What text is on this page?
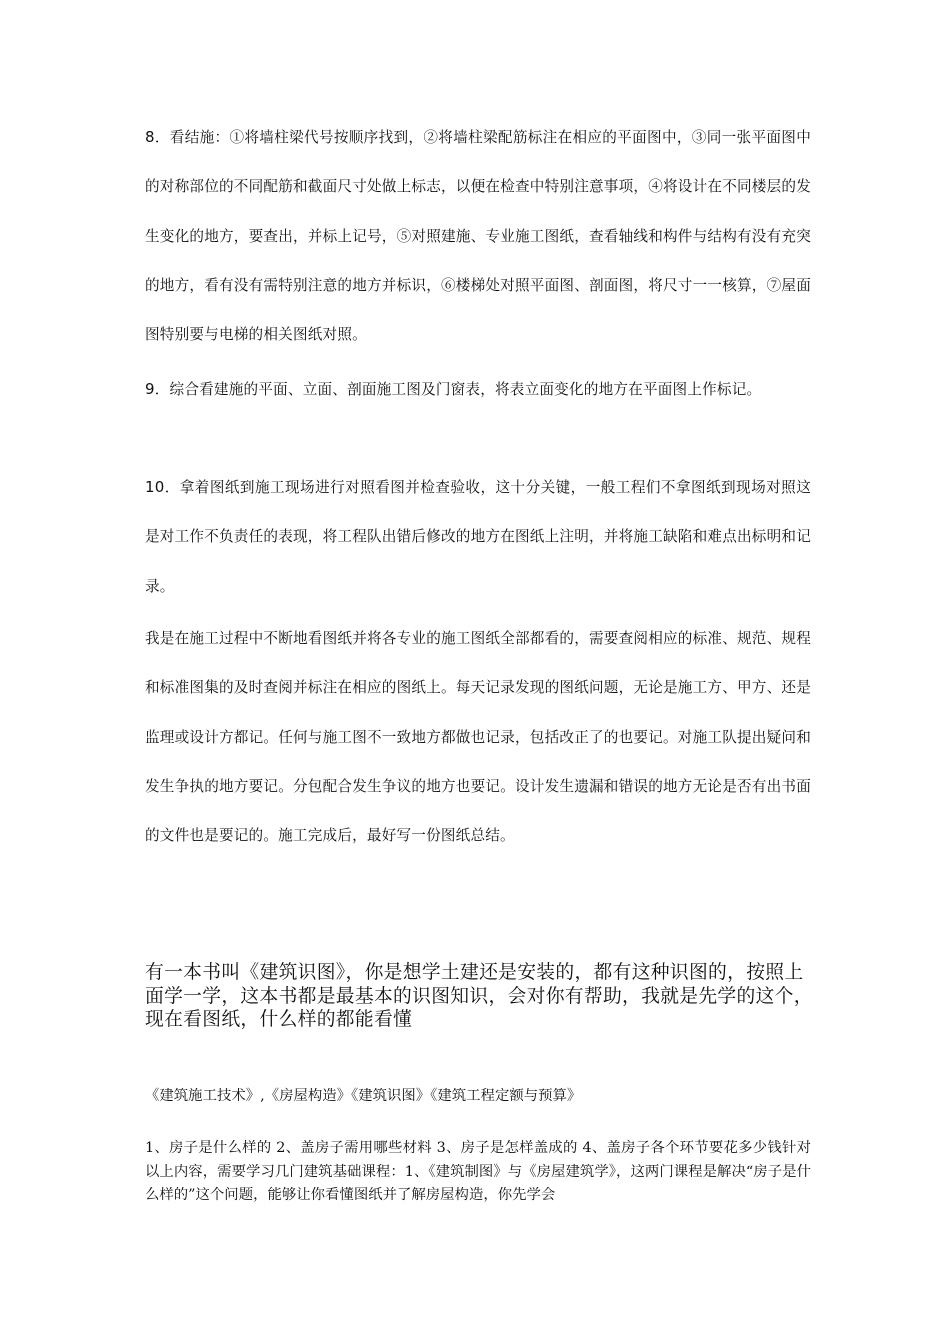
8．看结施：①将墙柱梁代号按顺序找到，②将墙柱梁配筋标注在相应的平面图中，③同一张平面图中的对称部位的不同配筋和截面尺寸处做上标志，以便在检查中特别注意事项，④将设计在不同楼层的发生变化的地方，要查出，并标上记号，⑤对照建施、专业施工图纸，查看轴线和构件与结构有没有充突的地方，看有没有需特别注意的地方并标识，⑥楼梯处对照平面图、剖面图，将尺寸一一核算，⑦屋面图特别要与电梯的相关图纸对照。

9．综合看建施的平面、立面、剖面施工图及门窗表，将表立面变化的地方在平面图上作标记。

10．拿着图纸到施工现场进行对照看图并检查验收，这十分关键，一般工程们不拿图纸到现场对照这是对工作不负责任的表现，将工程队出错后修改的地方在图纸上注明，并将施工缺陷和难点出标明和记录。

我是在施工过程中不断地看图纸并将各专业的施工图纸全部都看的，需要查阅相应的标准、规范、规程和标准图集的及时查阅并标注在相应的图纸上。每天记录发现的图纸问题，无论是施工方、甲方、还是监理或设计方都记。任何与施工图不一致地方都做也记录，包括改正了的也要记。对施工队提出疑问和发生争执的地方要记。分包配合发生争议的地方也要记。设计发生遗漏和错误的地方无论是否有出书面的文件也是要记的。施工完成后，最好写一份图纸总结。

有一本书叫《建筑识图》，你是想学土建还是安装的，都有这种识图的，按照上面学一学，这本书都是最基本的识图知识，会对你有帮助，我就是先学的这个，现在看图纸，什么样的都能看懂

《建筑施工技术》,《房屋构造》《建筑识图》《建筑工程定额与预算》

1、房子是什么样的 2、盖房子需用哪些材料 3、房子是怎样盖成的 4、盖房子各个环节要花多少钱针对以上内容，需要学习几门建筑基础课程：1、《建筑制图》与《房屋建筑学》，这两门课程是解决“房子是什么样的”这个问题，能够让你看懂图纸并了解房屋构造，你先学会
